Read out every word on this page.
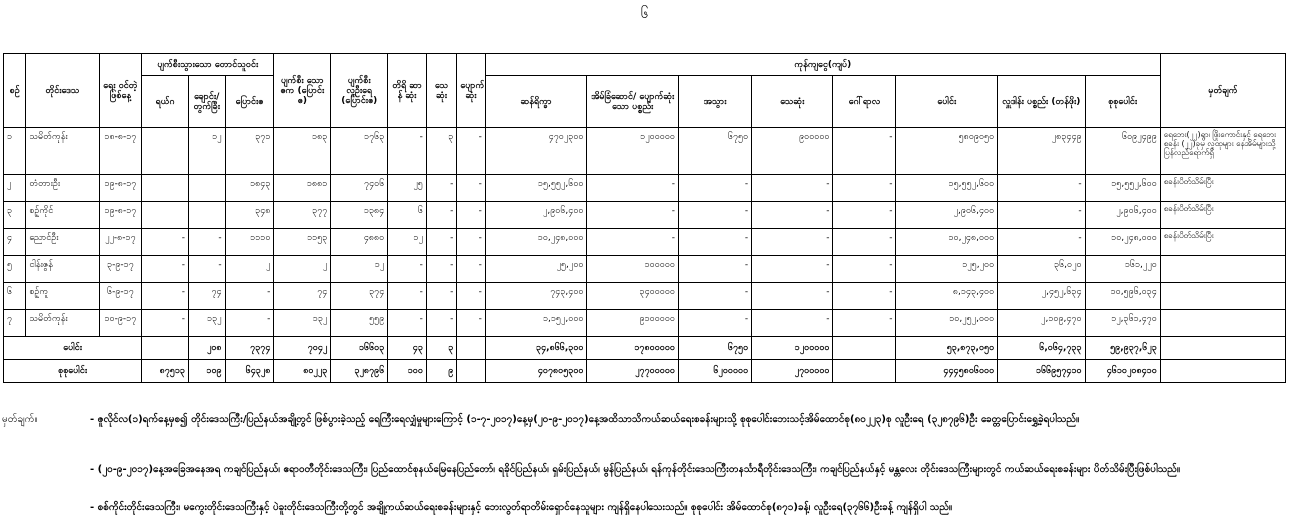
၆
စဥ်	တိုင်းဒေသ	ရေး ဝင်တဲ့ ဖြစ်နေ့	ပျက်စီးသွားသော တောင်သူဝင်း			ပျက်စီး သော ဧက (ပြောင်းဧ)	ပျက်စီး လူဦးရေ (ပြောင်းဧ)	တိရိ ဆာန် ဆုံး	သေ ဆုံး	ပျောက် ဆုံး	ကုန်ကျငွေ(ကျပ်)								မှတ်ချက်
			ရယ်ဂ	ချောင်း/ တွက်ခြီး	ပြောင်းဧ						ဆန်ရိက္ခာ	အိမ်ခြံဆောင်/ ပျောက်ဆုံးသော ပစ္စည်း	အသွား	သေဆုံး	ဂေါ်ရာလ	ပေါင်း	လှူဒါန်း ပစ္စည်း (တန်ဖိုး)	စုစုပေါင်း	
၁	သမိတ်ကုန်း	၁၈-၈-၁၇		၁၂	၃၇၁	၁၈၃	၁၇၆၃	-	၃	-	၄၇၀၂၃၀၀	၁၂၀၀၀၀၀	၆၇၅၀	၉၀၀၀၀၀	-	၅၈၀၉၀၅၀	၂၈၃၄၄၉	၆၀၉၂၄၉၉	ရေဘေး(၂၂)ရွာ၊ ဖြိုးကောင်းနှင့် ရေဘေးစခန်း (၂၂)ခုမှ လူထုများ နေအိမ်များသို့ ပြန်လည်ရောက်ရှိ
၂	တံတားဦး	၁၉-၈-၁၇			၁၈၄၃	၁၈၈၁	၇၄၀၆	၂၅	-	-	၁၅,၅၅၂,၆၀၀	-	-	-	-	၁၅,၅၅၂,၆၀၀	-	၁၅,၅၅၂,၆၀၀	စခန်းပိတ်သိမ်းပြီး
၃	စဥ့်ကိုင်	၁၉-၈-၁၇			၃၄၈	၃၇၇	၁၃၈၄	၆	-	-	၂,၉၀၆,၄၀၀	-	-	-	-	၂,၉၀၆,၄၀၀	-	၂,၉၀၆,၄၀၀	စခန်းပိတ်သိမ်းပြီး
၄	ညောင်ဦး	၂၂-၈-၁၇	-	-	၁၁၁၀	၁၁၅၃	၄၈၈၀	၁၂	-	-	၁၀,၂၄၈,၀၀၀	-	-	-	-	၁၀,၂၄၈,၀၀၀	-	၁၀,၂၄၈,၀၀၀	စခန်းပိတ်သိမ်းပြီး
၅	ငါန်းဇွန်	၃-၉-၁၇	-	-	၂	၂	၁၂	-	-	-	၂၅,၂၀၀	၁၀၀၀၀၀	-	-	-	၁၂၅,၂၀၀	၃၆,၀၂၀	၁၆၁,၂၂၀	
၆	စဥ့်ကူ	၆-၉-၁၇	-	၇၄	-	၇၄	၃၇၄	-	-	-	၇၄၃,၄၀၀	၃၄၀၀၀၀၀	-	-	-	၈,၁၄၃,၄၀၀	၂,၄၅၂,၆၃၄	၁၀,၅၉၆,၀၃၄	
၇	သမိတ်ကုန်း	၁၀-၉-၁၇	-	၁၃၂	-	၁၃၂	၅၅၉	-	-	-	၁,၁၅၂,၀၀၀	၉၁၀၀၀၀၀	-	-	-	၁၀,၂၅၂,၀၀၀	၂,၁၀၉,၄၇၀	၁၂,၃၆၁,၄၇၀	
ပေါင်း				၂၀၈	၇၃၇၄	၇၀၄၂	၁၆၆၀၃	၄၃	၃		၃၄,၈၆၆,၃၀၀	၁၇၈၀၀၀၀၀	၆၇၅၀	၁၂၀၀၀၀၀		၅၃,၈၇၃,၀၅၀	၆,၀၆၄,၇၃၃	၅၉,၉၃၇,၆၂၃	
စုစုပေါင်း			၈၇၅၁၃	၁၀၉	၆၄၃၂၈	၈၀၂၂၃	၃၂၈၇၉၆	၁၀၀	၉		၄၀၇၈၀၅၃၀၀	၂၇၇၀၀၀၀၀	၆၂၀၀၀၀၀	၂၇၀၀၀၀၀		၄၄၄၅၈၀၆၀၀၀	၁၆၆၉၅၇၄၁၀	၄၆၁၀၂၀၈၄၁၀	
မှတ်ချက်။	- ဇူလိုင်လ(၁)ရက်နေ့မှစ၍ တိုင်းဒေသကြီး/ပြည်နယ်အချို့တွင် ဖြစ်ပွားခဲ့သည့် ရေကြီးရေလျှံမှုများကြောင့် (၁-၇-၂၀၁၇)နေ့မှ(၂၀-၉-၂၀၁၇)နေ့အထိသာသိကယ်ဆယ်ရေးစခန်းများသို့ စုစုပေါင်းဘေးသင့်အိမ်ထောင်စု(၈၀၂၂၃)စု လူဦးရေ (၃၂၈၇၉၆)ဦး ခေတ္တပြောင်းရွှေ့ခဲ့ရပါသည်။
- (၂၀-၉-၂၀၁၇)နေ့အခြေအနေအရ ကချင်ပြည်နယ်၊ ဧရာဝတီတိုင်းဒေသကြီး၊ ပြည်ထောင်စုနယ်မြေနေပြည်တော်၊ ရခိုင်ပြည်နယ်၊ ရှမ်းပြည်နယ်၊ မွန်ပြည်နယ်၊ ရန်ကုန်တိုင်းဒေသကြီးတနင်္သာရီတိုင်းဒေသကြီး၊ ကချင်ပြည်နယ်နှင့် မန္တလေး တိုင်းဒေသကြီးများတွင် ကယ်ဆယ်ရေးစခန်းများ ပိတ်သိမ်းပြီးဖြစ်ပါသည်။
- စစ်ကိုင်းတိုင်းဒေသကြီး၊ မကွေးတိုင်းဒေသကြီးနှင့် ပဲခူးတိုင်းဒေသကြီးတို့တွင် အချို့ကယ်ဆယ်ရေးစခန်းများနှင့် ဘေးလွတ်ရာတိမ်းရှောင်နေသူများ ကျန်ရှိနေပါသေးသည်။ စုစုပေါင်း အိမ်ထောင်စု(၈၇၁)ခန့်၊ လူဦးရေ(၃၇၆၆)ဦးခန့် ကျန်ရှိပါ သည်။
